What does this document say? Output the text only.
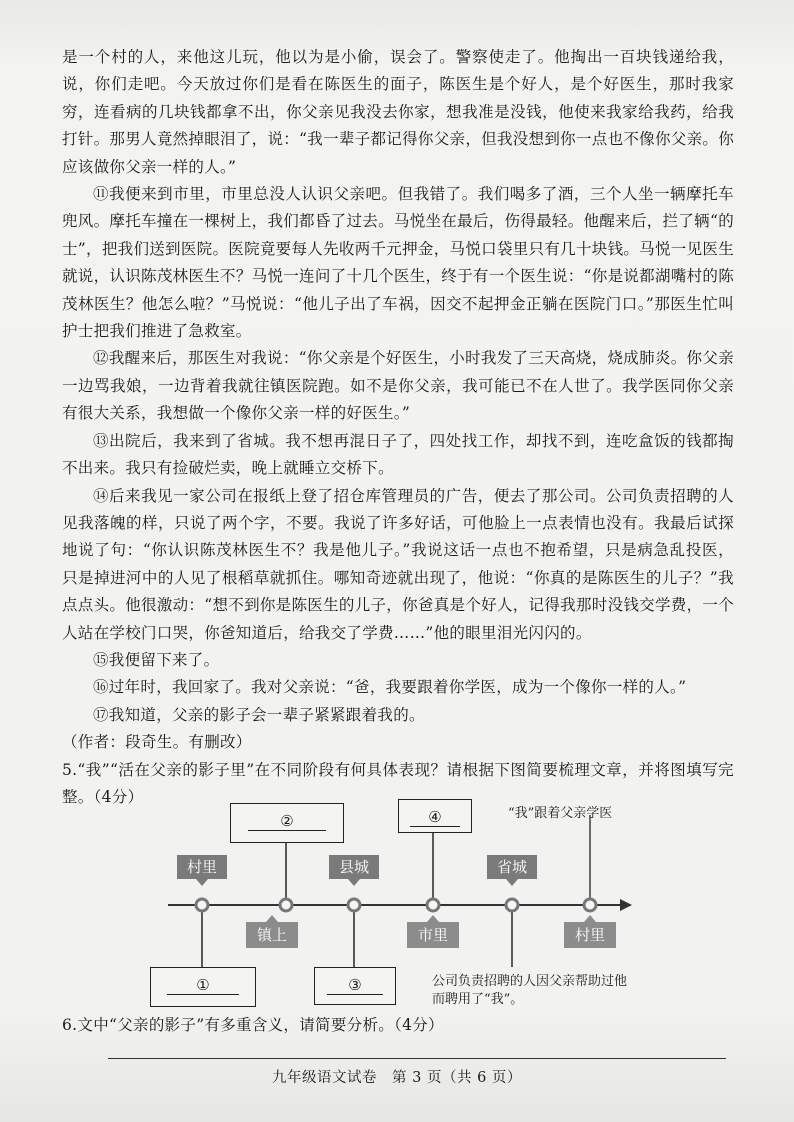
是一个村的人，来他这儿玩，他以为是小偷，误会了。警察使走了。他掏出一百块钱递给我，说，你们走吧。今天放过你们是看在陈医生的面子，陈医生是个好人，是个好医生，那时我家穷，连看病的几块钱都拿不出，你父亲见我没去你家，想我准是没钱，他使来我家给我药，给我打针。那男人竟然掉眼泪了，说：“我一辈子都记得你父亲，但我没想到你一点也不像你父亲。你应该做你父亲一样的人。”

⑪我便来到市里，市里总没人认识父亲吧。但我错了。我们喝多了酒，三个人坐一辆摩托车兜风。摩托车撞在一棵树上，我们都昏了过去。马悦坐在最后，伤得最轻。他醒来后，拦了辆“的士”，把我们送到医院。医院竟要每人先收两千元押金，马悦口袋里只有几十块钱。马悦一见医生就说，认识陈茂林医生不？马悦一连问了十几个医生，终于有一个医生说：“你是说都湖嘴村的陈茂林医生？他怎么啦？”马悦说：“他儿子出了车祸，因交不起押金正躺在医院门口。”那医生忙叫护士把我们推进了急救室。

⑫我醒来后，那医生对我说：“你父亲是个好医生，小时我发了三天高烧，烧成肺炎。你父亲一边骂我娘，一边背着我就往镇医院跑。如不是你父亲，我可能已不在人世了。我学医同你父亲有很大关系，我想做一个像你父亲一样的好医生。”

⑬出院后，我来到了省城。我不想再混日子了，四处找工作，却找不到，连吃盒饭的钱都掏不出来。我只有捡破烂卖，晚上就睡立交桥下。

⑭后来我见一家公司在报纸上登了招仓库管理员的广告，便去了那公司。公司负责招聘的人见我落魄的样，只说了两个字，不要。我说了许多好话，可他脸上一点表情也没有。我最后试探地说了句：“你认识陈茂林医生不？我是他儿子。”我说这话一点也不抱希望，只是病急乱投医，只是掉进河中的人见了根稻草就抓住。哪知奇迹就出现了，他说：“你真的是陈医生的儿子？”我点点头。他很激动：“想不到你是陈医生的儿子，你爸真是个好人，记得我那时没钱交学费，一个人站在学校门口哭，你爸知道后，给我交了学费……”他的眼里泪光闪闪的。

⑮我便留下来了。

⑯过年时，我回家了。我对父亲说：“爸，我要跟着你学医，成为一个像你一样的人。”

⑰我知道，父亲的影子会一辈子紧紧跟着我的。

（作者：段奇生。有删改）

5.“我”“活在父亲的影子里”在不同阶段有何具体表现？请根据下图简要梳理文章，并将图填写完整。（4分）

②	④
①	③
村里	县城	省城
镇上	市里	村里
“我”跟着父亲学医
公司负责招聘的人因父亲帮助过他而聘用了“我”。

6.文中“父亲的影子”有多重含义，请简要分析。（4分）

九年级语文试卷　第 3 页（共 6 页）
